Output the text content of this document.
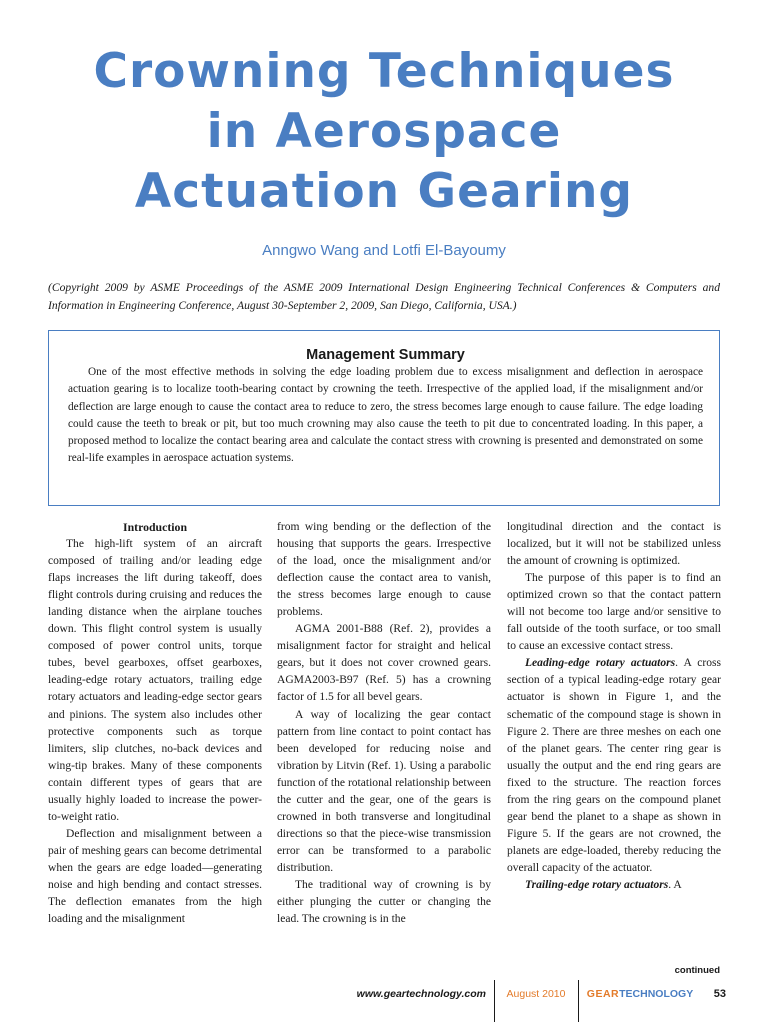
Crowning Techniques
in Aerospace
Actuation Gearing
Anngwo Wang and Lotfi El-Bayoumy
(Copyright 2009 by ASME Proceedings of the ASME 2009 International Design Engineering Technical Conferences & Computers and Information in Engineering Conference, August 30-September 2, 2009, San Diego, California, USA.)
Management Summary

One of the most effective methods in solving the edge loading problem due to excess misalignment and deflection in aerospace actuation gearing is to localize tooth-bearing contact by crowning the teeth. Irrespective of the applied load, if the misalignment and/or deflection are large enough to cause the contact area to reduce to zero, the stress becomes large enough to cause failure. The edge loading could cause the teeth to break or pit, but too much crowning may also cause the teeth to pit due to concentrated loading. In this paper, a proposed method to localize the contact bearing area and calculate the contact stress with crowning is presented and demonstrated on some real-life examples in aerospace actuation systems.

Introduction

The high-lift system of an aircraft composed of trailing and/or leading edge flaps increases the lift during takeoff, does flight controls during cruising and reduces the landing distance when the airplane touches down. This flight control system is usually composed of power control units, torque tubes, bevel gearboxes, offset gearboxes, leading-edge rotary actuators, trailing edge rotary actuators and leading-edge sector gears and pinions. The system also includes other protective components such as torque limiters, slip clutches, no-back devices and wing-tip brakes. Many of these components contain different types of gears that are usually highly loaded to increase the power-to-weight ratio.

Deflection and misalignment between a pair of meshing gears can become detrimental when the gears are edge loaded—generating noise and high bending and contact stresses. The deflection emanates from the high loading and the misalignment

from wing bending or the deflection of the housing that supports the gears. Irrespective of the load, once the misalignment and/or deflection cause the contact area to vanish, the stress becomes large enough to cause problems.

AGMA 2001-B88 (Ref. 2), provides a misalignment factor for straight and helical gears, but it does not cover crowned gears. AGMA2003-B97 (Ref. 5) has a crowning factor of 1.5 for all bevel gears.

A way of localizing the gear contact pattern from line contact to point contact has been developed for reducing noise and vibration by Litvin (Ref. 1). Using a parabolic function of the rotational relationship between the cutter and the gear, one of the gears is crowned in both transverse and longitudinal directions so that the piece-wise transmission error can be transformed to a parabolic distribution.

The traditional way of crowning is by either plunging the cutter or changing the lead. The crowning is in the

longitudinal direction and the contact is localized, but it will not be stabilized unless the amount of crowning is optimized.

The purpose of this paper is to find an optimized crown so that the contact pattern will not become too large and/or sensitive to fall outside of the tooth surface, or too small to cause an excessive contact stress.

Leading-edge rotary actuators. A cross section of a typical leading-edge rotary gear actuator is shown in Figure 1, and the schematic of the compound stage is shown in Figure 2. There are three meshes on each one of the planet gears. The center ring gear is usually the output and the end ring gears are fixed to the structure. The reaction forces from the ring gears on the compound planet gear bend the planet to a shape as shown in Figure 5. If the gears are not crowned, the planets are edge-loaded, thereby reducing the overall capacity of the actuator.

Trailing-edge rotary actuators. A

continued
www.geartechnology.com	August 2010	GEARTECHNOLOGY	53
